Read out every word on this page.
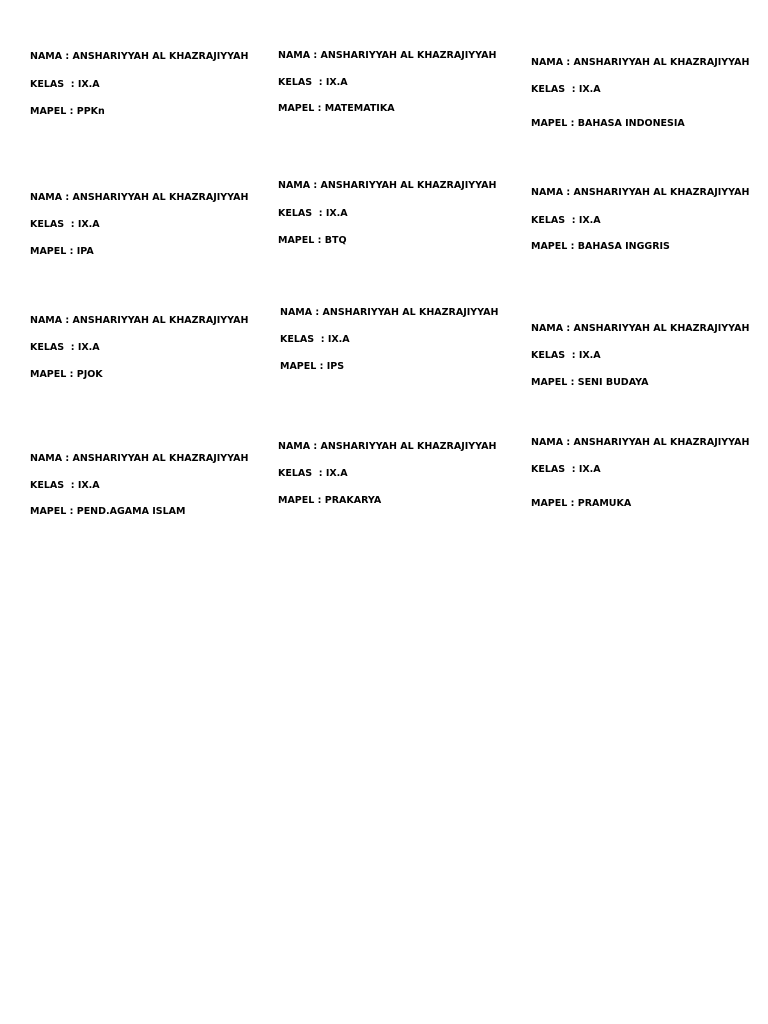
NAMA : ANSHARIYYAH AL KHAZRAJIYYAH
KELAS  : IX.A
MAPEL : PPKn
NAMA : ANSHARIYYAH AL KHAZRAJIYYAH
KELAS  : IX.A
MAPEL : MATEMATIKA
NAMA : ANSHARIYYAH AL KHAZRAJIYYAH
KELAS  : IX.A
MAPEL : BAHASA INDONESIA
NAMA : ANSHARIYYAH AL KHAZRAJIYYAH
KELAS  : IX.A
MAPEL : IPA
NAMA : ANSHARIYYAH AL KHAZRAJIYYAH
KELAS  : IX.A
MAPEL : BTQ
NAMA : ANSHARIYYAH AL KHAZRAJIYYAH
KELAS  : IX.A
MAPEL : BAHASA INGGRIS
NAMA : ANSHARIYYAH AL KHAZRAJIYYAH
KELAS  : IX.A
MAPEL : PJOK
NAMA : ANSHARIYYAH AL KHAZRAJIYYAH
KELAS  : IX.A
MAPEL : IPS
NAMA : ANSHARIYYAH AL KHAZRAJIYYAH
KELAS  : IX.A
MAPEL : SENI BUDAYA
NAMA : ANSHARIYYAH AL KHAZRAJIYYAH
KELAS  : IX.A
MAPEL : PEND.AGAMA ISLAM
NAMA : ANSHARIYYAH AL KHAZRAJIYYAH
KELAS  : IX.A
MAPEL : PRAKARYA
NAMA : ANSHARIYYAH AL KHAZRAJIYYAH
KELAS  : IX.A
MAPEL : PRAMUKA
